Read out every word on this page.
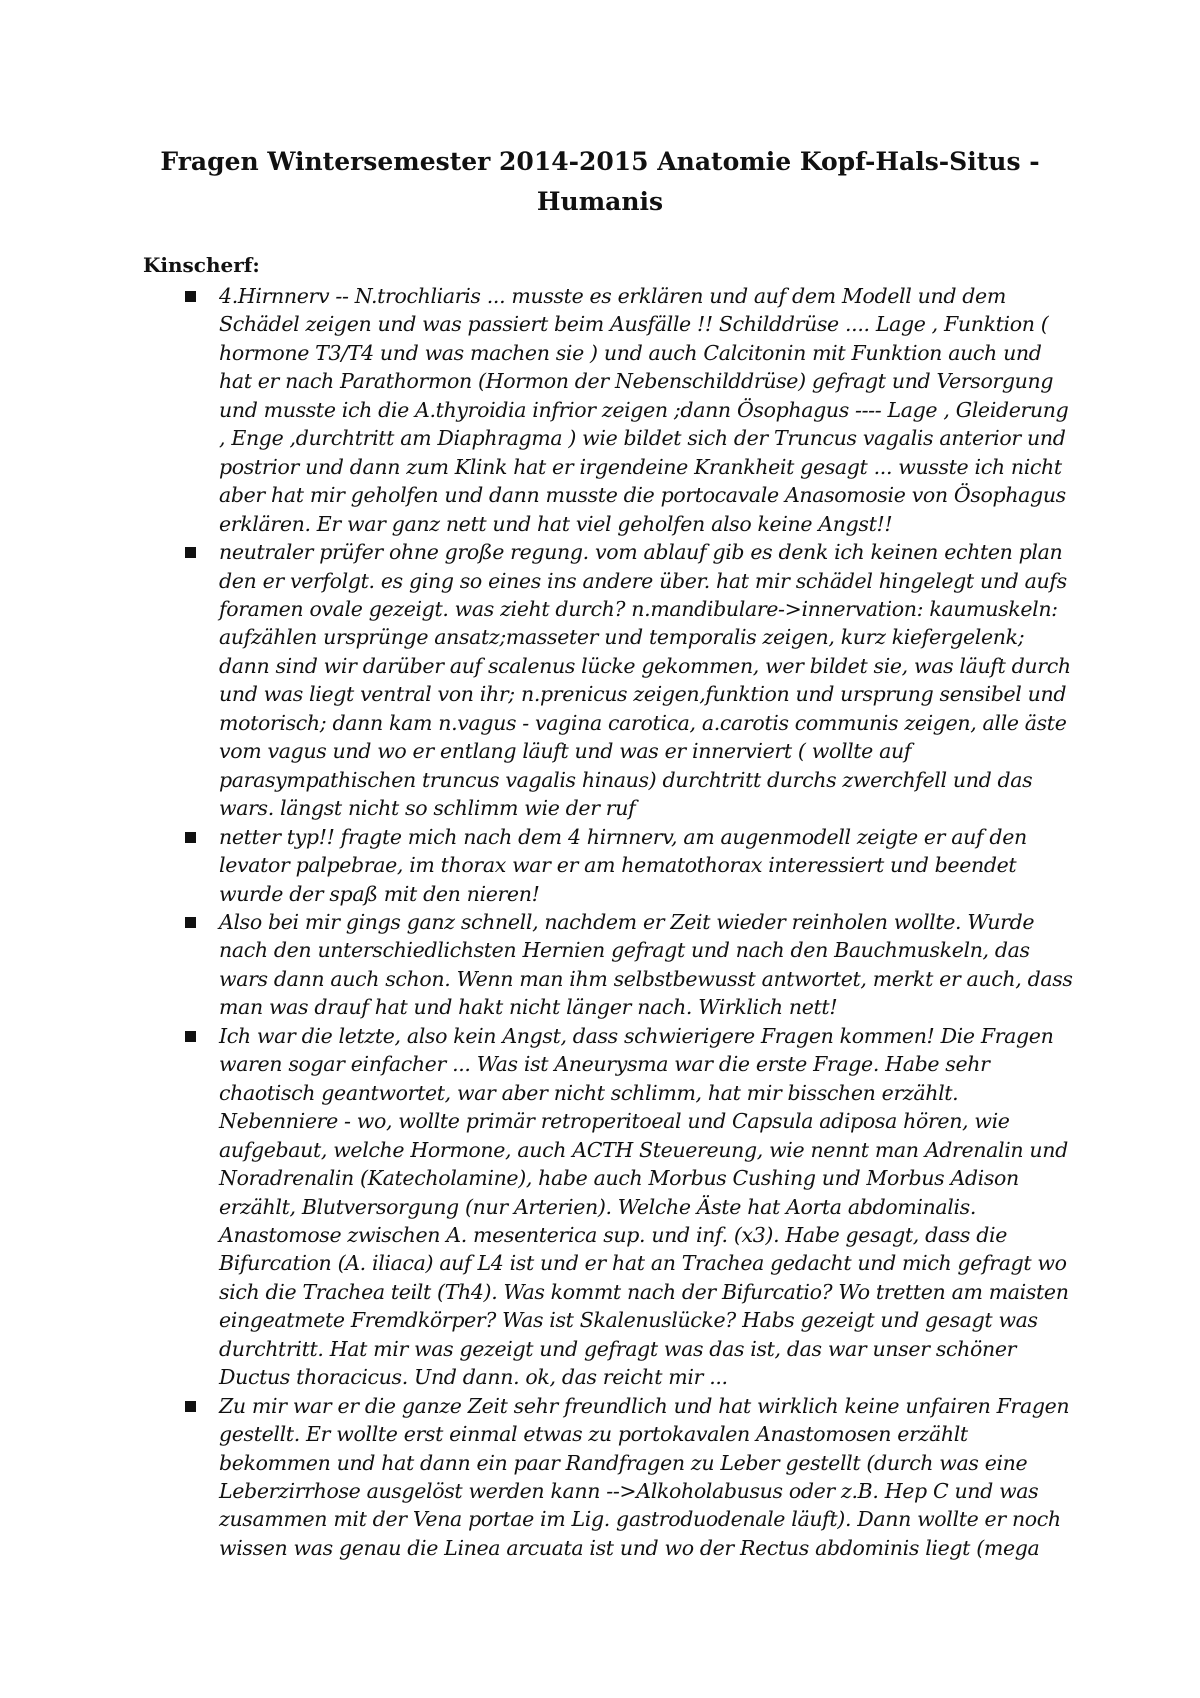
Fragen Wintersemester 2014-2015 Anatomie Kopf-Hals-Situs -
Humanis
Kinscherf:
4.Hirnnerv -- N.trochliaris ... musste es erklären und auf dem Modell und dem Schädel zeigen und was passiert beim Ausfälle !! Schilddrüse .... Lage , Funktion ( hormone T3/T4 und was machen sie ) und auch Calcitonin mit Funktion auch und hat er nach Parathormon (Hormon der Nebenschilddrüse) gefragt und Versorgung und musste ich die A.thyroidia infrior zeigen ;dann Ösophagus ---- Lage , Gleiderung , Enge ,durchtritt am Diaphragma ) wie bildet sich der Truncus vagalis anterior und postrior und dann zum Klink hat er irgendeine Krankheit gesagt ... wusste ich nicht aber hat mir geholfen und dann musste die portocavale Anasomosie von Ösophagus erklären. Er war ganz nett und hat viel geholfen also keine Angst!!
neutraler prüfer ohne große regung. vom ablauf gib es denk ich keinen echten plan den er verfolgt. es ging so eines ins andere über. hat mir schädel hingelegt und aufs foramen ovale gezeigt. was zieht durch? n.mandibulare->innervation: kaumuskeln: aufzählen ursprünge ansatz;masseter und temporalis zeigen, kurz kiefergelenk; dann sind wir darüber auf scalenus lücke gekommen, wer bildet sie, was läuft durch und was liegt ventral von ihr; n.prenicus zeigen,funktion und ursprung sensibel und motorisch; dann kam n.vagus - vagina carotica, a.carotis communis zeigen, alle äste vom vagus und wo er entlang läuft und was er innerviert ( wollte auf parasympathischen truncus vagalis hinaus) durchtritt durchs zwerchfell und das wars. längst nicht so schlimm wie der ruf
netter typ!! fragte mich nach dem 4 hirnnerv, am augenmodell zeigte er auf den levator palpebrae, im thorax war er am hematothorax interessiert und beendet wurde der spaß mit den nieren!
Also bei mir gings ganz schnell, nachdem er Zeit wieder reinholen wollte. Wurde nach den unterschiedlichsten Hernien gefragt und nach den Bauchmuskeln, das wars dann auch schon. Wenn man ihm selbstbewusst antwortet, merkt er auch, dass man was drauf hat und hakt nicht länger nach. Wirklich nett!
Ich war die letzte, also kein Angst, dass schwierigere Fragen kommen! Die Fragen waren sogar einfacher ... Was ist Aneurysma war die erste Frage. Habe sehr chaotisch geantwortet, war aber nicht schlimm, hat mir bisschen erzählt. Nebenniere - wo, wollte primär retroperitoeal und Capsula adiposa hören, wie aufgebaut, welche Hormone, auch ACTH Steuereung, wie nennt man Adrenalin und Noradrenalin (Katecholamine), habe auch Morbus Cushing und Morbus Adison erzählt, Blutversorgung (nur Arterien). Welche Äste hat Aorta abdominalis. Anastomose zwischen A. mesenterica sup. und inf. (x3). Habe gesagt, dass die Bifurcation (A. iliaca) auf L4 ist und er hat an Trachea gedacht und mich gefragt wo sich die Trachea teilt (Th4). Was kommt nach der Bifurcatio? Wo tretten am maisten eingeatmete Fremdkörper? Was ist Skalenuslücke? Habs gezeigt und gesagt was durchtritt. Hat mir was gezeigt und gefragt was das ist, das war unser schöner Ductus thoracicus. Und dann. ok, das reicht mir ...
Zu mir war er die ganze Zeit sehr freundlich und hat wirklich keine unfairen Fragen gestellt. Er wollte erst einmal etwas zu portokavalen Anastomosen erzählt bekommen und hat dann ein paar Randfragen zu Leber gestellt (durch was eine Leberzirrhose ausgelöst werden kann -->Alkoholabusus oder z.B. Hep C und was zusammen mit der Vena portae im Lig. gastroduodenale läuft). Dann wollte er noch wissen was genau die Linea arcuata ist und wo der Rectus abdominis liegt (mega
